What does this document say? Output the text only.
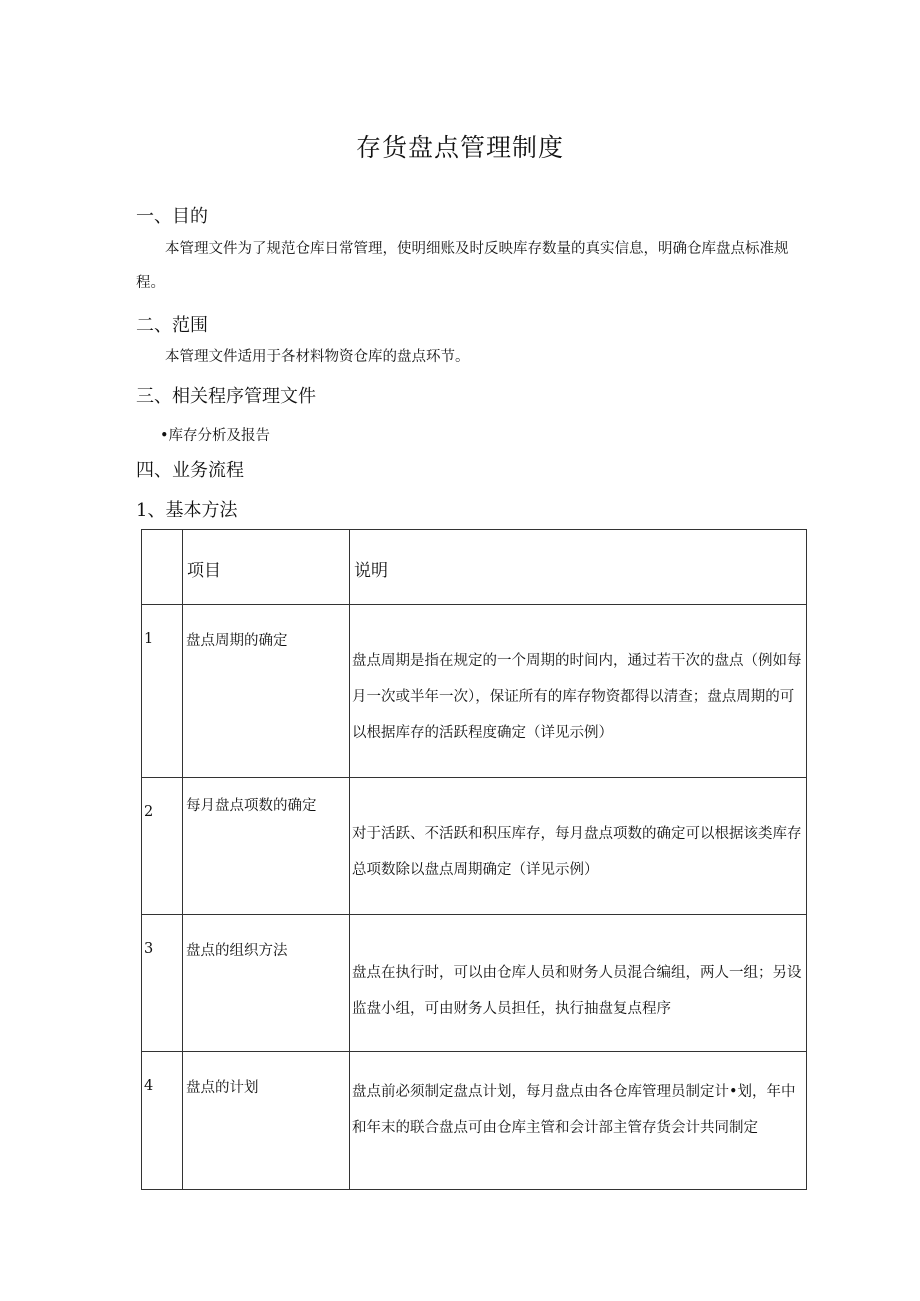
存货盘点管理制度
一、目的
本管理文件为了规范仓库日常管理，使明细账及时反映库存数量的真实信息，明确仓库盘点标准规程。
二、范围
本管理文件适用于各材料物资仓库的盘点环节。
三、相关程序管理文件
•库存分析及报告
四、业务流程
1、基本方法

	项目	说明

1	盘点周期的确定	盘点周期是指在规定的一个周期的时间内，通过若干次的盘点（例如每月一次或半年一次），保证所有的库存物资都得以清查；盘点周期的可以根据库存的活跃程度确定（详见示例）

2	每月盘点项数的确定	对于活跃、不活跃和积压库存，每月盘点项数的确定可以根据该类库存总项数除以盘点周期确定（详见示例）

3	盘点的组织方法	盘点在执行时，可以由仓库人员和财务人员混合编组，两人一组；另设监盘小组，可由财务人员担任，执行抽盘复点程序

4	盘点的计划	盘点前必须制定盘点计划，每月盘点由各仓库管理员制定计•划，年中和年末的联合盘点可由仓库主管和会计部主管存货会计共同制定
